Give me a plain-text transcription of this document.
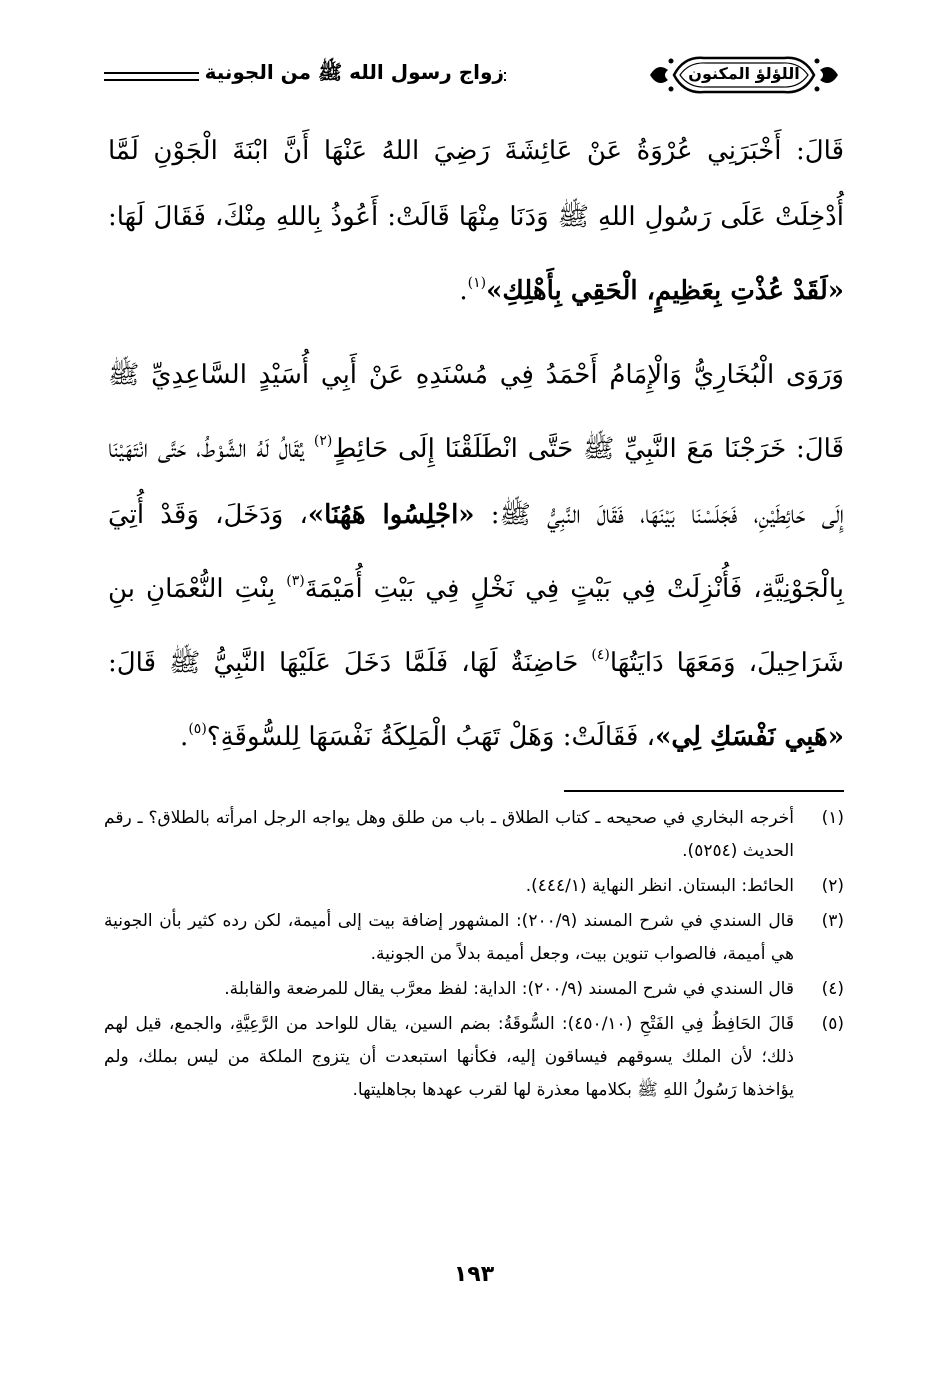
اللؤلؤ المكنون
زواج رسول الله ﷺ من الجونية

قَالَ: أَخْبَرَنِي عُرْوَةُ عَنْ عَائِشَةَ رَضِيَ اللهُ عَنْهَا أَنَّ ابْنَةَ الْجَوْنِ لَمَّا أُدْخِلَتْ عَلَى رَسُولِ اللهِ ﷺ وَدَنَا مِنْهَا قَالَتْ: أَعُوذُ بِاللهِ مِنْكَ، فَقَالَ لَهَا: «لَقَدْ عُذْتِ بِعَظِيمٍ، الْحَقِي بِأَهْلِكِ»$^{(١)}$.

وَرَوَى الْبُخَارِيُّ وَالْإِمَامُ أَحْمَدُ فِي مُسْنَدِهِ عَنْ أَبِي أُسَيْدٍ السَّاعِدِيِّ ﷺ قَالَ: خَرَجْنَا مَعَ النَّبِيِّ ﷺ حَتَّى انْطَلَقْنَا إِلَى حَائِطٍ$^{(٢)}$ يُقَالُ لَهُ الشَّوْطُ، حَتَّى انْتَهَيْنَا إِلَى حَائِطَيْنِ، فَجَلَسْنَا بَيْنَهَا، فَقَالَ النَّبِيُّ ﷺ: «اجْلِسُوا هَهُنَا»، وَدَخَلَ، وَقَدْ أُتِيَ بِالْجَوْنِيَّةِ، فَأُنْزِلَتْ فِي بَيْتٍ فِي نَخْلٍ فِي بَيْتِ أُمَيْمَةَ$^{(٣)}$ بِنْتِ النُّعْمَانِ بنِ شَرَاحِيلَ، وَمَعَهَا دَايَتُهَا$^{(٤)}$ حَاضِنَةٌ لَهَا، فَلَمَّا دَخَلَ عَلَيْهَا النَّبِيُّ ﷺ قَالَ: «هَبِي نَفْسَكِ لِي»، فَقَالَتْ: وَهَلْ تَهَبُ الْمَلِكَةُ نَفْسَهَا لِلسُّوقَةِ؟$^{(٥)}$.

(١)
أخرجه البخاري في صحيحه ـ كتاب الطلاق ـ باب من طلق وهل يواجه الرجل امرأته بالطلاق؟ ـ رقم الحديث (٥٢٥٤).
(٢)
الحائط: البستان. انظر النهاية (٤٤٤/١).
(٣)
قال السندي في شرح المسند (٢٠٠/٩): المشهور إضافة بيت إلى أميمة، لكن رده كثير بأن الجونية هي أميمة، فالصواب تنوين بيت، وجعل أميمة بدلاً من الجونية.
(٤)
قال السندي في شرح المسند (٢٠٠/٩): الداية: لفظ معرَّب يقال للمرضعة والقابلة.
(٥)
قَالَ الحَافِظُ فِي الفَتْحِ (٤٥٠/١٠): السُّوقَةُ: بضم السين، يقال للواحد من الرَّعِيَّةِ، والجمع، قيل لهم ذلك؛ لأن الملك يسوقهم فيساقون إليه، فكأنها استبعدت أن يتزوج الملكة من ليس بملك، ولم يؤاخذها رَسُولُ اللهِ ﷺ بكلامها معذرة لها لقرب عهدها بجاهليتها.
١٩٣
